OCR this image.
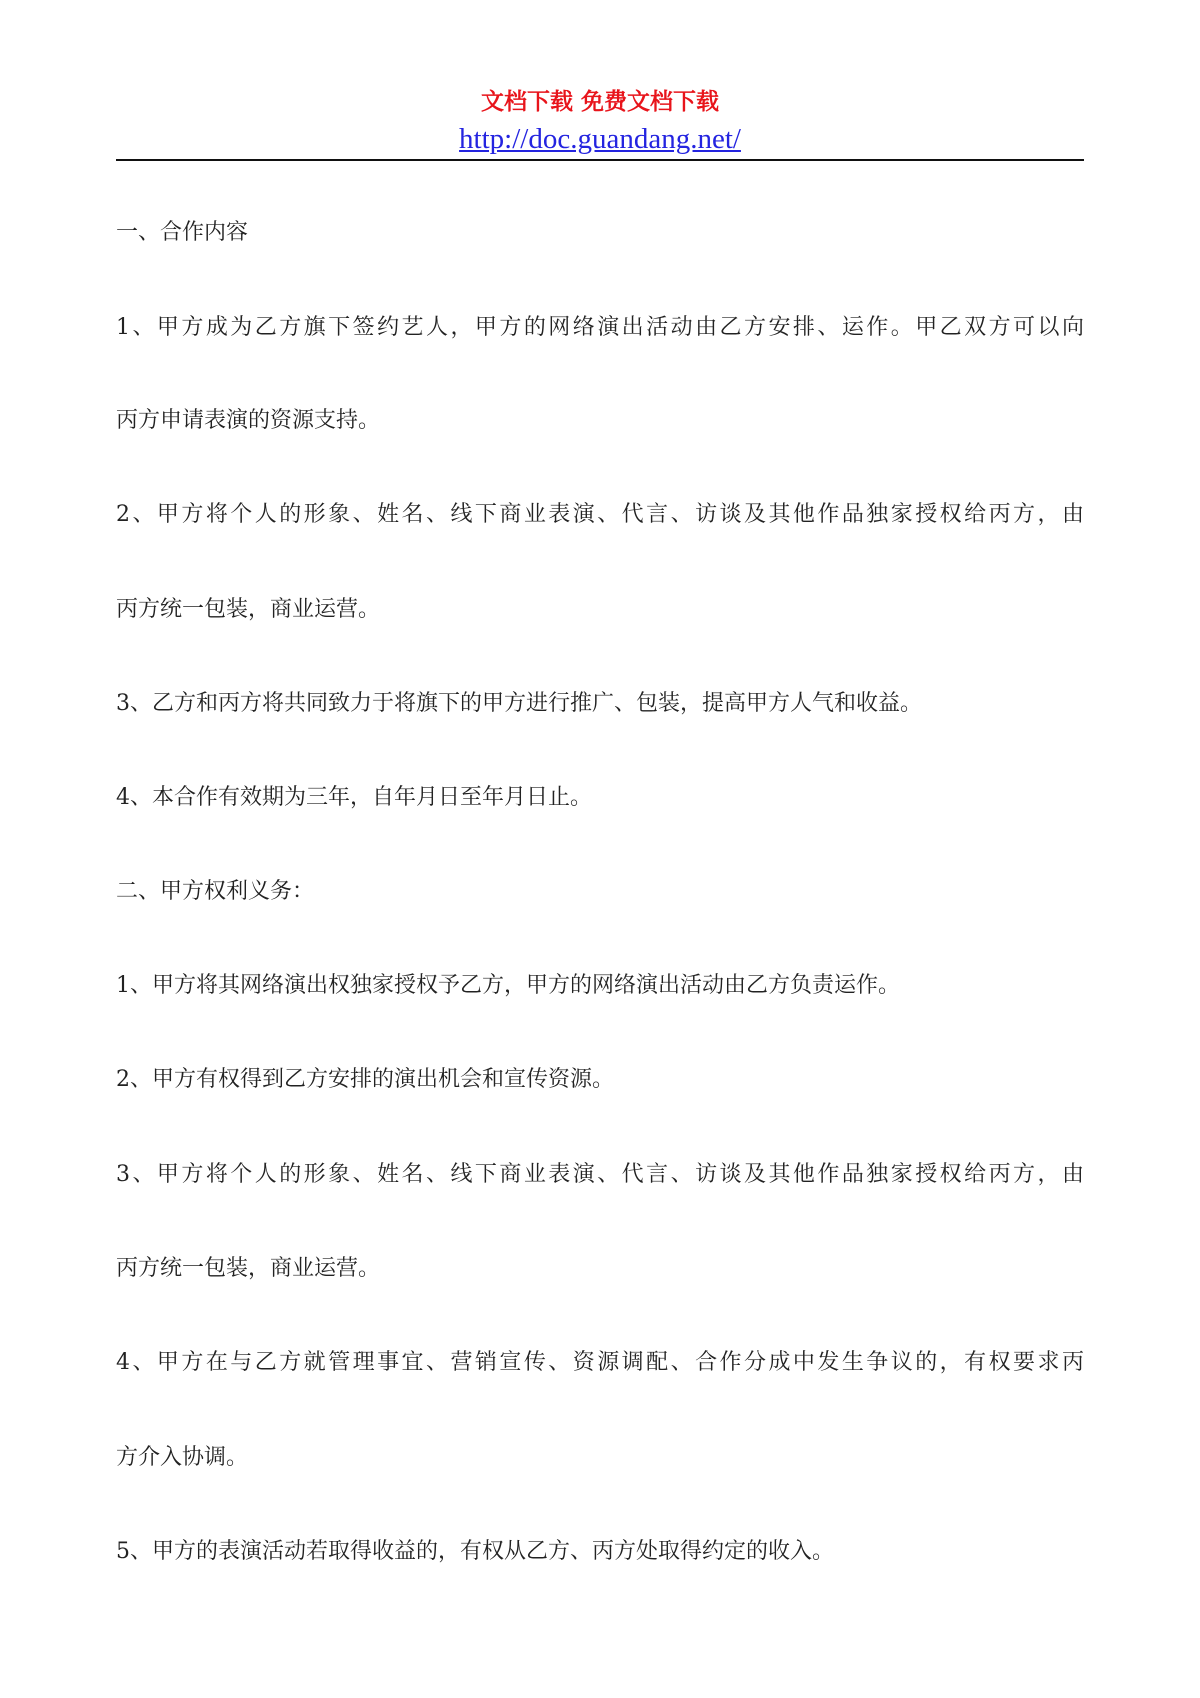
文档下载 免费文档下载
http://doc.guandang.net/
一、合作内容
1、甲方成为乙方旗下签约艺人，甲方的网络演出活动由乙方安排、运作。甲乙双方可以向
丙方申请表演的资源支持。
2、甲方将个人的形象、姓名、线下商业表演、代言、访谈及其他作品独家授权给丙方，由
丙方统一包装，商业运营。
3、乙方和丙方将共同致力于将旗下的甲方进行推广、包装，提高甲方人气和收益。
4、本合作有效期为三年，自年月日至年月日止。
二、甲方权利义务：
1、甲方将其网络演出权独家授权予乙方，甲方的网络演出活动由乙方负责运作。
2、甲方有权得到乙方安排的演出机会和宣传资源。
3、甲方将个人的形象、姓名、线下商业表演、代言、访谈及其他作品独家授权给丙方，由
丙方统一包装，商业运营。
4、甲方在与乙方就管理事宜、营销宣传、资源调配、合作分成中发生争议的，有权要求丙
方介入协调。
5、甲方的表演活动若取得收益的，有权从乙方、丙方处取得约定的收入。
